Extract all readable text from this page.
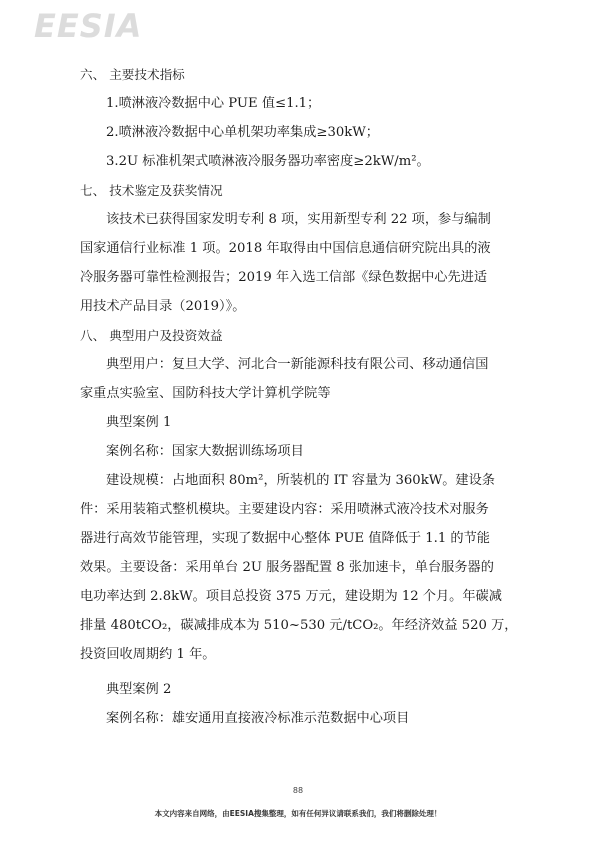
EESIA
六、 主要技术指标
1.喷淋液冷数据中心 PUE 值≤1.1；
2.喷淋液冷数据中心单机架功率集成≥30kW；
3.2U 标准机架式喷淋液冷服务器功率密度≥2kW/m²。
七、 技术鉴定及获奖情况
该技术已获得国家发明专利 8 项，实用新型专利 22 项，参与编制
国家通信行业标准 1 项。2018 年取得由中国信息通信研究院出具的液
冷服务器可靠性检测报告；2019 年入选工信部《绿色数据中心先进适
用技术产品目录（2019）》。
八、 典型用户及投资效益
典型用户：复旦大学、河北合一新能源科技有限公司、移动通信国
家重点实验室、国防科技大学计算机学院等
典型案例 1
案例名称：国家大数据训练场项目
建设规模：占地面积 80m²，所装机的 IT 容量为 360kW。建设条
件：采用装箱式整机模块。主要建设内容：采用喷淋式液冷技术对服务
器进行高效节能管理，实现了数据中心整体 PUE 值降低于 1.1 的节能
效果。主要设备：采用单台 2U 服务器配置 8 张加速卡，单台服务器的
电功率达到 2.8kW。项目总投资 375 万元，建设期为 12 个月。年碳减
排量 480tCO₂，碳减排成本为 510~530 元/tCO₂。年经济效益 520 万，
投资回收周期约 1 年。
典型案例 2
案例名称：雄安通用直接液冷标准示范数据中心项目
88
本文内容来自网络，由EESIA搜集整理，如有任何异议请联系我们，我们将删除处理！
